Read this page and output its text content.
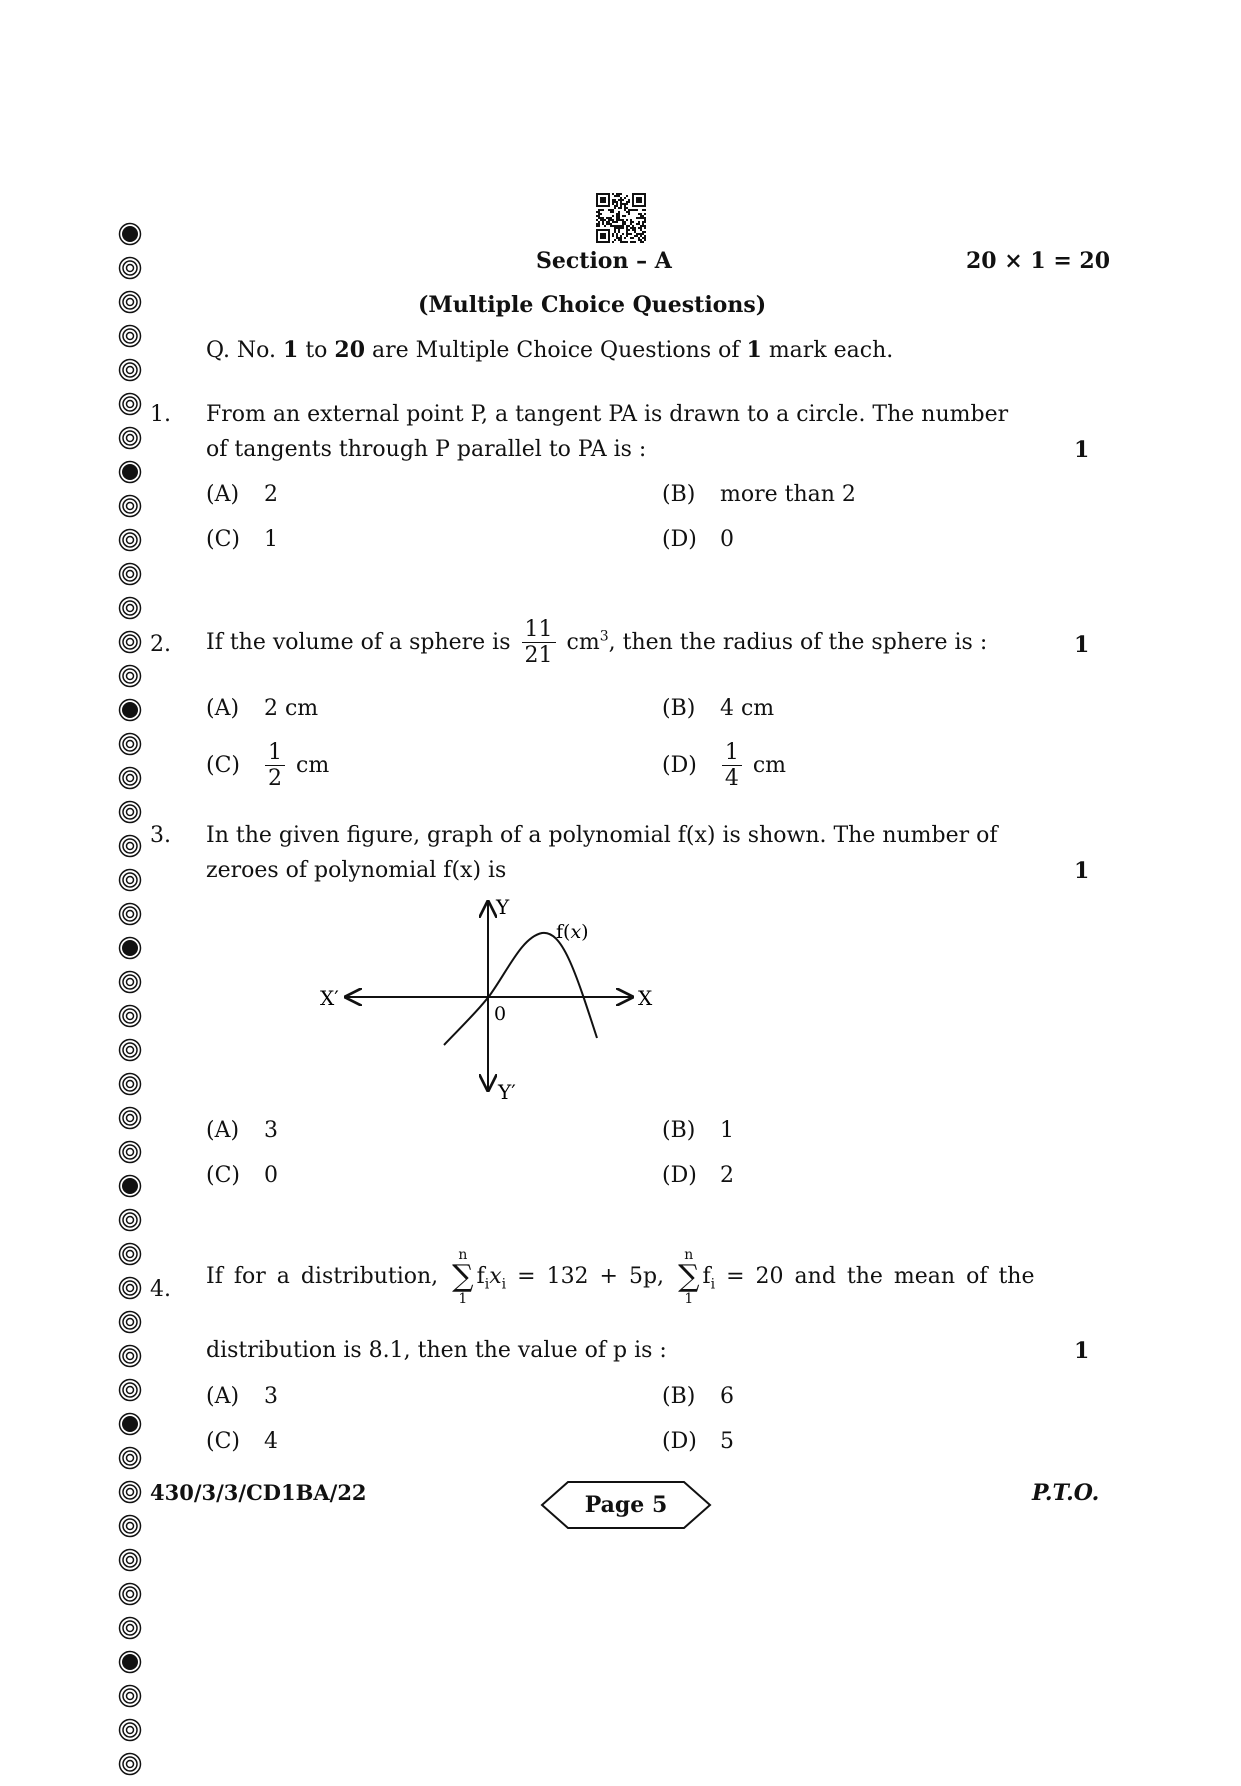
Section – A	20 × 1 = 20
(Multiple Choice Questions)
Q. No. 1 to 20 are Multiple Choice Questions of 1 mark each.
1. From an external point P, a tangent PA is drawn to a circle. The number
of tangents through P parallel to PA is :	1
(A) 2	(B) more than 2
(C) 1	(D) 0
2. If the volume of a sphere is $\frac{11}{21} cm^3$, then the radius of the sphere is :	1
(A) 2 cm	(B) 4 cm
$(C) \frac{1}{2}$ cm	$(D) \frac{1}{4}$ cm
3. In the given figure, graph of a polynomial f(x) is shown. The number of
zeroes of polynomial f(x) is	1
Y
Y′
X
X′
0
f(x)
(A) 3	(B) 1
(C) 0	(D) 2
4.
If for a distribution,
n
∑
1
$f_ix_i = 132 + 5p$,
n
∑
1
$f_i = 20$ and the mean of the
distribution is 8.1, then the value of p is :	1
(A) 3	(B) 6
(C) 4	(D) 5
430/3/3/CD1BA/22	Page 5	P.T.O.
